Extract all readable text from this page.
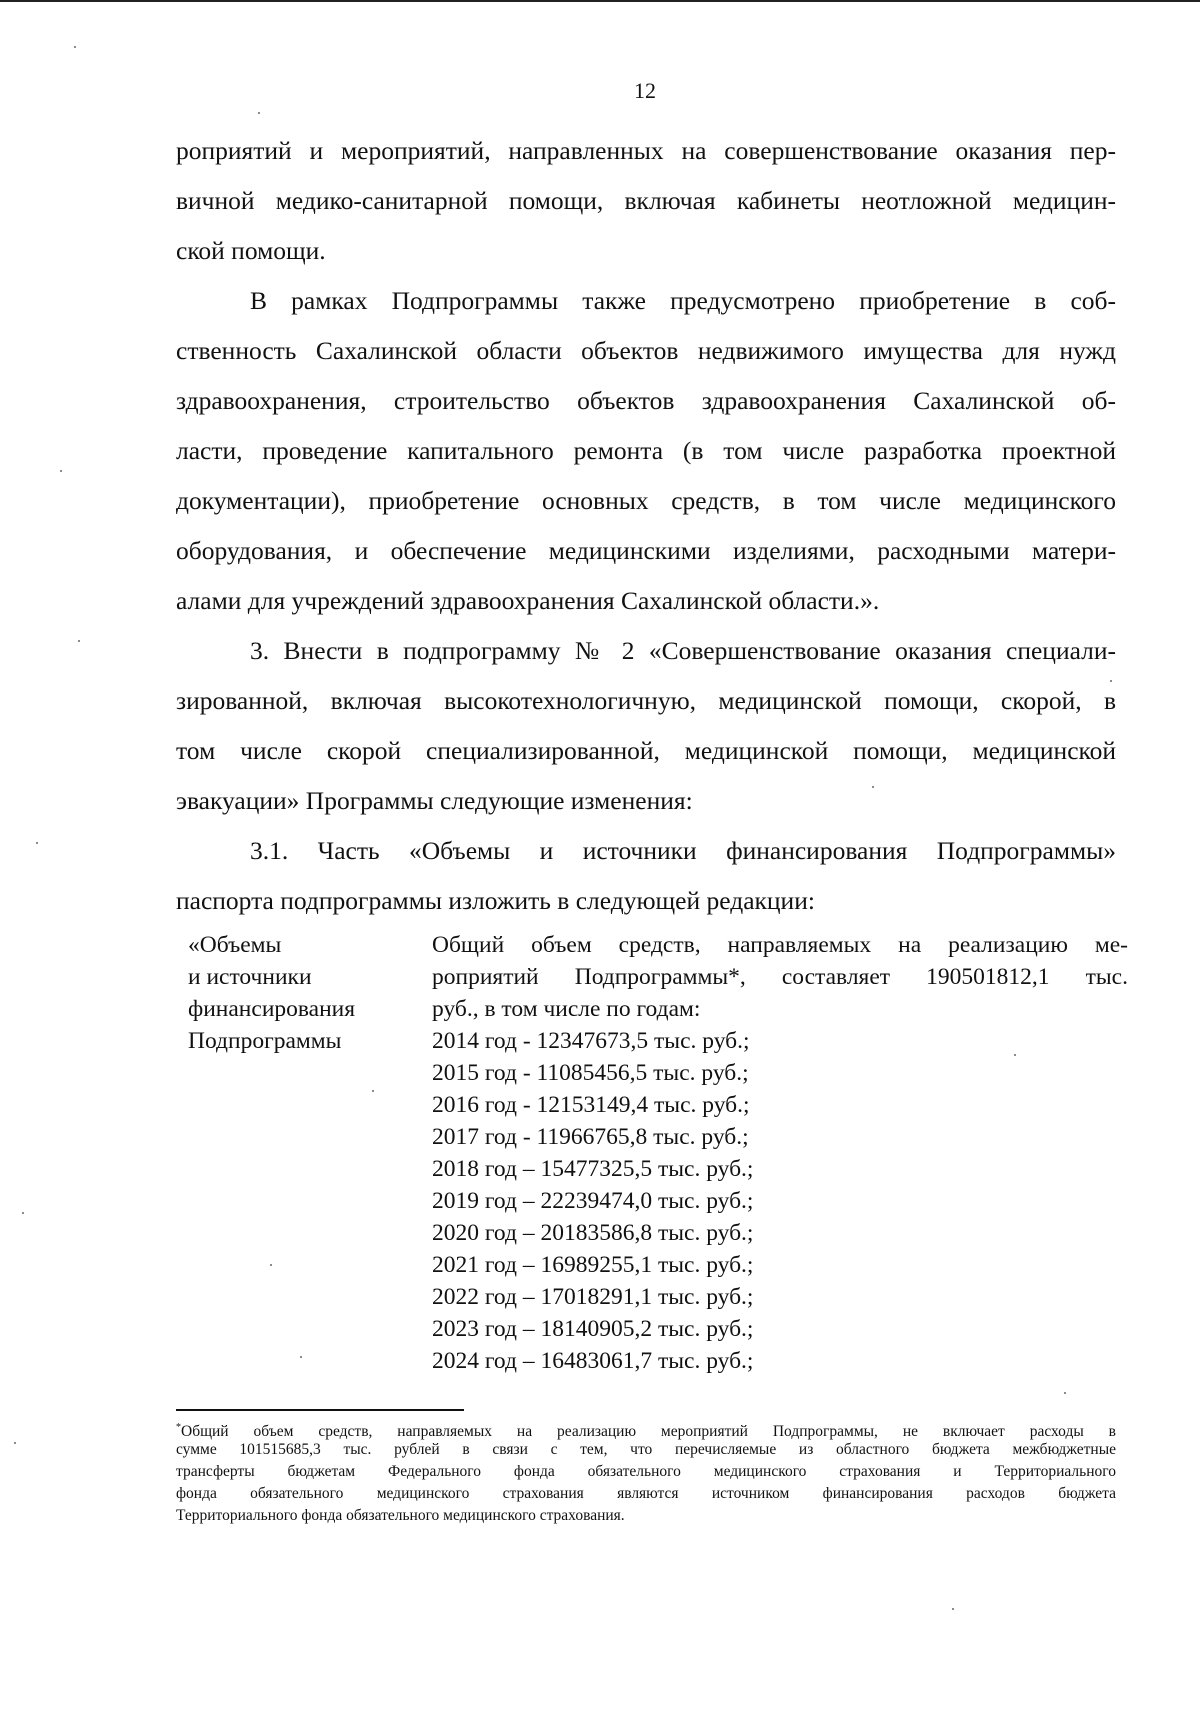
12
роприятий и мероприятий, направленных на совершенствование оказания пер-
вичной медико-санитарной помощи, включая кабинеты неотложной медицин-
ской помощи.
В рамках Подпрограммы также предусмотрено приобретение в соб-
ственность Сахалинской области объектов недвижимого имущества для нужд
здравоохранения, строительство объектов здравоохранения Сахалинской об-
ласти, проведение капитального ремонта (в том числе разработка проектной
документации), приобретение основных средств, в том числе медицинского
оборудования, и обеспечение медицинскими изделиями, расходными матери-
алами для учреждений здравоохранения Сахалинской области.».
3. Внести в подпрограмму № 2 «Совершенствование оказания специали-
зированной, включая высокотехнологичную, медицинской помощи, скорой, в
том числе скорой специализированной, медицинской помощи, медицинской
эвакуации» Программы следующие изменения:
3.1. Часть «Объемы и источники финансирования Подпрограммы»
паспорта подпрограммы изложить в следующей редакции:
«Объемы
и источники
финансирования
Подпрограммы
Общий объем средств, направляемых на реализацию ме-
роприятий Подпрограммы*, составляет 190501812,1 тыс.
руб., в том числе по годам:
2014 год - 12347673,5 тыс. руб.;
2015 год - 11085456,5 тыс. руб.;
2016 год - 12153149,4 тыс. руб.;
2017 год - 11966765,8 тыс. руб.;
2018 год – 15477325,5 тыс. руб.;
2019 год – 22239474,0 тыс. руб.;
2020 год – 20183586,8 тыс. руб.;
2021 год – 16989255,1 тыс. руб.;
2022 год – 17018291,1 тыс. руб.;
2023 год – 18140905,2 тыс. руб.;
2024 год – 16483061,7 тыс. руб.;
*Общий объем средств, направляемых на реализацию мероприятий Подпрограммы, не включает расходы в
сумме 101515685,3 тыс. рублей в связи с тем, что перечисляемые из областного бюджета межбюджетные
трансферты бюджетам Федерального фонда обязательного медицинского страхования и Территориального
фонда обязательного медицинского страхования являются источником финансирования расходов бюджета
Территориального фонда обязательного медицинского страхования.
